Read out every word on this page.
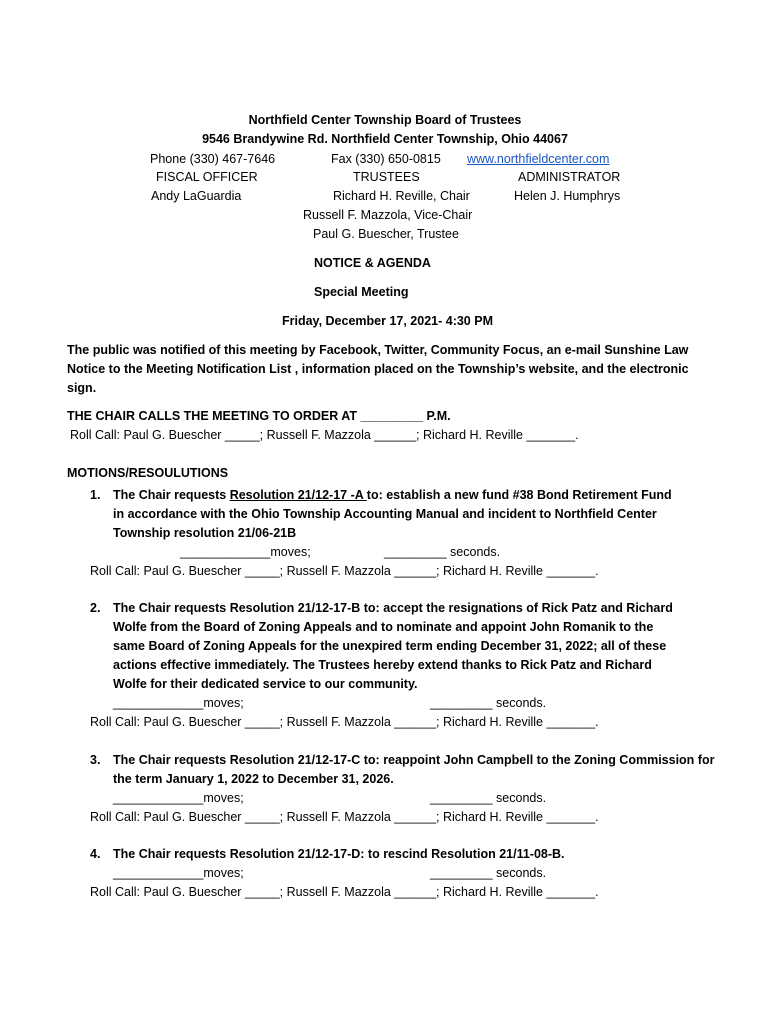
Northfield Center Township Board of Trustees
9546 Brandywine Rd. Northfield Center Township, Ohio 44067
Phone (330) 467-7646	Fax (330) 650-0815 www.northfieldcenter.com
FISCAL OFFICER	TRUSTEES	ADMINISTRATOR
Andy LaGuardia	Richard H. Reville, Chair	Helen J. Humphrys
Russell F. Mazzola, Vice-Chair
Paul G. Buescher, Trustee
NOTICE & AGENDA
Special Meeting
Friday, December 17, 2021- 4:30 PM
The public was notified of this meeting by Facebook, Twitter, Community Focus, an e-mail Sunshine Law
Notice to the Meeting Notification List , information placed on the Township’s website, and the electronic
sign.
THE CHAIR CALLS THE MEETING TO ORDER AT _________ P.M.
Roll Call: Paul G. Buescher _____; Russell F. Mazzola ______; Richard H. Reville _______.
MOTIONS/RESOULUTIONS
1. The Chair requests Resolution 21/12-17 -A to: establish a new fund #38 Bond Retirement Fund
in accordance with the Ohio Township Accounting Manual and incident to Northfield Center
Township resolution 21/06-21B
_____________moves;	_________ seconds.
Roll Call: Paul G. Buescher _____; Russell F. Mazzola ______; Richard H. Reville _______.
2. The Chair requests Resolution 21/12-17-B to: accept the resignations of Rick Patz and Richard
Wolfe from the Board of Zoning Appeals and to nominate and appoint John Romanik to the
same Board of Zoning Appeals for the unexpired term ending December 31, 2022; all of these
actions effective immediately. The Trustees hereby extend thanks to Rick Patz and Richard
Wolfe for their dedicated service to our community.
_____________moves;	_________ seconds.
Roll Call: Paul G. Buescher _____; Russell F. Mazzola ______; Richard H. Reville _______.
3. The Chair requests Resolution 21/12-17-C to: reappoint John Campbell to the Zoning Commission for
the term January 1, 2022 to December 31, 2026.
_____________moves;	_________ seconds.
Roll Call: Paul G. Buescher _____; Russell F. Mazzola ______; Richard H. Reville _______.
4. The Chair requests Resolution 21/12-17-D: to rescind Resolution 21/11-08-B.
_____________moves;	_________ seconds.
Roll Call: Paul G. Buescher _____; Russell F. Mazzola ______; Richard H. Reville _______.
